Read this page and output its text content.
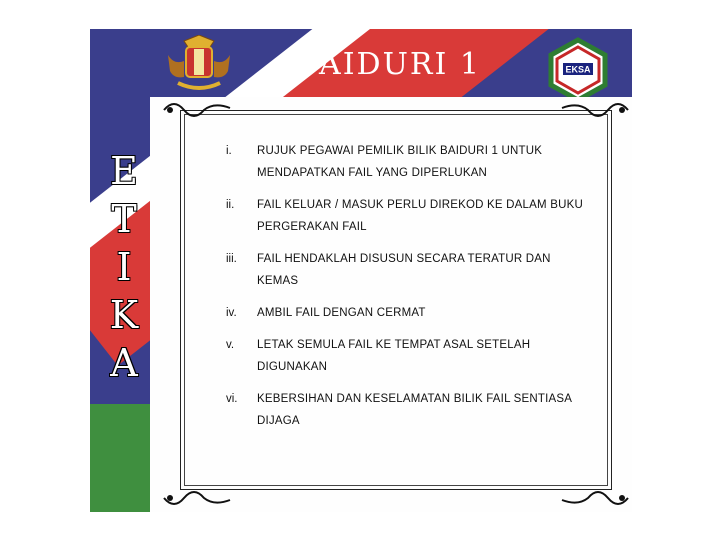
BAIDURI 1	EKSA
E
T
I
K
A
i.	RUJUK PEGAWAI PEMILIK BILIK BAIDURI 1 UNTUK MENDAPATKAN FAIL YANG DIPERLUKAN
ii.	FAIL KELUAR / MASUK PERLU DIREKOD KE DALAM BUKU PERGERAKAN FAIL
iii.	FAIL HENDAKLAH DISUSUN SECARA TERATUR DAN KEMAS
iv.	AMBIL FAIL DENGAN CERMAT
v.	LETAK SEMULA FAIL KE TEMPAT ASAL SETELAH DIGUNAKAN
vi.	KEBERSIHAN DAN KESELAMATAN BILIK FAIL SENTIASA DIJAGA
